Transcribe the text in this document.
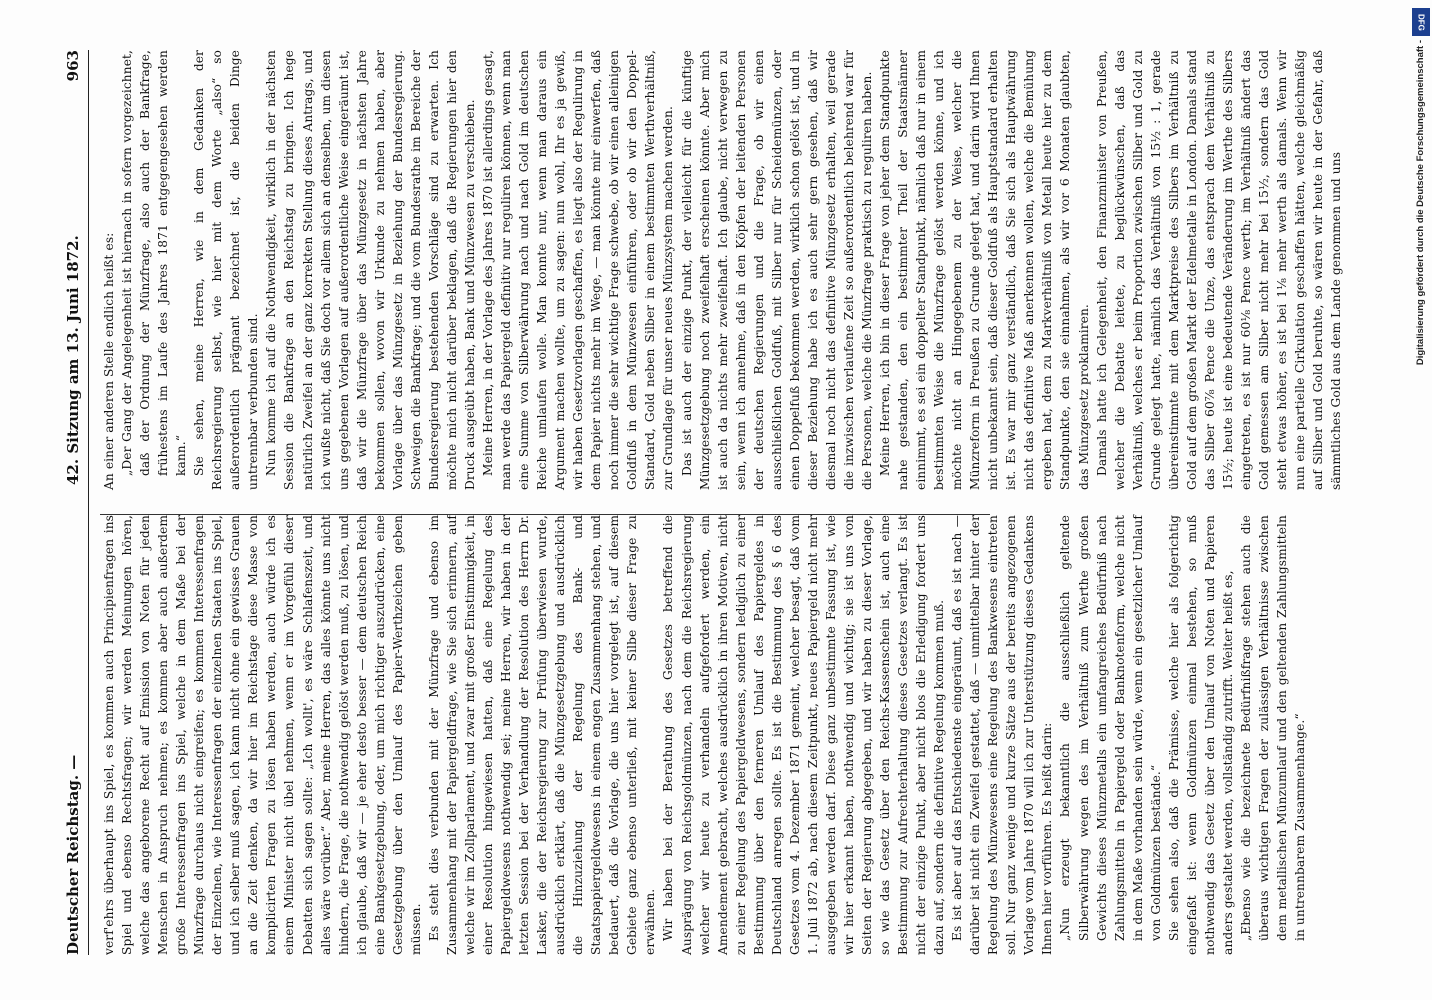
Deutscher Reichstag. —
42. Sitzung am 13. Juni 1872.
963

verf'ehrs überhaupt ins Spiel, es kommen auch Principienfragen ins Spiel und ebenso Rechtsfragen; wir werden Meinungen hören, welche das angeborene Recht auf Emission von Noten für jeden Menschen in Anspruch nehmen; es kommen aber auch außerdem große Interessenfragen ins Spiel, welche in dem Maße bei der Münzfrage durchaus nicht eingreifen; es kommen Interessenfragen der Einzelnen, wie Interessenfragen der einzelnen Staaten ins Spiel, und ich selber muß sagen, ich kann nicht ohne ein gewisses Grauen an die Zeit denken, da wir hier im Reichstage diese Masse von komplicirten Fragen zu lösen haben werden, auch würde ich es einem Minister nicht übel nehmen, wenn er im Vorgefühl dieser Debatten sich sagen sollte: „Ich wollt', es wäre Schlafenszeit, und alles wäre vorüber.“ Aber, meine Herren, das alles könnte uns nicht hindern, die Frage, die nothwendig gelöst werden muß, zu lösen, und ich glaube, daß wir — je eher desto besser — dem deutschen Reich eine Bankgesetzgebung, oder, um mich richtiger auszudrücken, eine Gesetzgebung über den Umlauf des Papier-Werthzeichen geben müssen. Es steht dies verbunden mit der Münzfrage und ebenso im Zusammenhang mit der Papiergeldfrage, wie Sie sich erinnern, auf welche wir im Zollparlament, und zwar mit großer Einstimmigkeit, in einer Resolution hingewiesen hatten, daß eine Regelung des Papiergeldwesens nothwendig sei; meine Herren, wir haben in der letzten Session bei der Verhandlung der Resolution des Herrn Dr. Lasker, die der Reichsregierung zur Prüfung überwiesen wurde, ausdrücklich erklärt, daß die Münzgesetzgebung und ausdrücklich die Hinzuziehung der Regelung des Bank- und Staatspapiergeldwesens in einem engen Zusammenhang stehen, und bedauert, daß die Vorlage, die uns hier vorgelegt ist, auf diesem Gebiete ganz ebenso unterließ, mit keiner Silbe dieser Frage zu erwähnen. Wir haben bei der Berathung des Gesetzes betreffend die Ausprägung von Reichsgoldmünzen, nach dem die Reichsregierung welcher wir heute zu verhandeln aufgefordert werden, ein Amendement gebracht, welches ausdrücklich in ihren Motiven, nicht zu einer Regelung des Papiergeldwesens, sondern lediglich zu einer Bestimmung über den ferneren Umlauf des Papiergeldes in Deutschland anregen sollte. Es ist die Bestimmung des § 6 des Gesetzes vom 4. Dezember 1871 gemeint, welcher besagt, daß vom 1. Juli 1872 ab, nach diesem Zeitpunkt, neues Papiergeld nicht mehr ausgegeben werden darf. Diese ganz unbestimmte Fassung ist, wie wir hier erkannt haben, nothwendig und wichtig; sie ist uns von Seiten der Regierung abgegeben, und wir haben zu dieser Vorlage, so wie das Gesetz über den Reichs-Kassenschein ist, auch eine Bestimmung zur Aufrechterhaltung dieses Gesetzes verlangt. Es ist nicht der einzige Punkt, aber nicht blos die Erledigung fordert uns dazu auf, sondern die definitive Regelung kommen muß. Es ist aber auf das Entschiedenste eingeräumt, daß es ist nach — darüber ist nicht ein Zweifel gestattet, daß — unmittelbar hinter der Regelung des Münzwesens eine Regelung des Bankwesens eintreten soll. Nur ganz wenige und kurze Sätze aus der bereits angezogenen Vorlage vom Jahre 1870 will ich zur Unterstützung dieses Gedankens Ihnen hier vorführen. Es heißt darin: „Nun erzeugt bekanntlich die ausschließlich geltende Silberwährung wegen des im Verhältniß zum Werthe großen Gewichts dieses Münzmetalls ein umfangreiches Bedürfniß nach Zahlungsmitteln in Papiergeld oder Banknotenform, welche nicht in dem Maße vorhanden sein würde, wenn ein gesetzlicher Umlauf von Goldmünzen bestände.“ Sie sehen also, daß die Prämisse, welche hier als folgerichtig eingefaßt ist: wenn Goldmünzen einmal bestehen, so muß nothwendig das Gesetz über den Umlauf von Noten und Papieren anders gestaltet werden, vollständig zutrifft. Weiter heißt es, „Ebenso wie die bezeichnete Bedürfnißfrage stehen auch die überaus wichtigen Fragen der zulässigen Verhältnisse zwischen dem metallischen Münzumlauf und den geltenden Zahlungsmitteln in untrennbarem Zusammenhange.“

An einer anderen Stelle endlich heißt es: „Der Gang der Angelegenheit ist hiernach in sofern vorgezeichnet, daß der Ordnung der Münzfrage, also auch der Bankfrage, frühestens im Laufe des Jahres 1871 entgegengesehen werden kann.“ Sie sehen, meine Herren, wie in dem Gedanken der Reichsregierung selbst, wie hier mit dem Worte „also“ so außerordentlich prägnant bezeichnet ist, die beiden Dinge untrennbar verbunden sind. Nun komme ich auf die Nothwendigkeit, wirklich in der nächsten Session die Bankfrage an den Reichstag zu bringen. Ich hege natürlich Zweifel an der ganz korrekten Stellung dieses Antrags, und ich wußte nicht, daß Sie doch vor allem sich an denselben, um diesen uns gegebenen Vorlagen auf außerordentliche Weise eingeräumt ist, daß wir die Münzfrage über das Münzgesetz in nächsten Jahre bekommen sollen, wovon wir Urkunde zu nehmen haben, aber Vorlage über das Münzgesetz in Beziehung der Bundesregierung. Schweigen die Bankfrage; und die vom Bundesrathe im Bereiche der Bundesregierung bestehenden Vorschläge sind zu erwarten. Ich möchte mich nicht darüber beklagen, daß die Regierungen hier den Druck ausgeübt haben, Bank und Münzwesen zu verschieben. Meine Herren, in der Vorlage des Jahres 1870 ist allerdings gesagt, man werde das Papiergeld definitiv nur reguliren können, wenn man eine Summe von Silberwährung nach und nach Gold im deutschen Reiche umlaufen wolle. Man konnte nur, wenn man daraus ein Argument machen wollte, um zu sagen: nun wohl, Ihr es ja gewiß, wir haben Gesetzvorlagen geschaffen, es liegt also der Regulirung in dem Papier nichts mehr im Wege, — man könnte mir einwerfen, daß noch immer die sehr wichtige Frage schwebe, ob wir einen alleinigen Goldfuß in dem Münzwesen einführen, oder ob wir den Doppel-Standard, Gold neben Silber in einem bestimmten Werthverhältniß, zur Grundlage für unser neues Münzsystem machen werden. Das ist auch der einzige Punkt, der vielleicht für die künftige Münzgesetzgebung noch zweifelhaft erscheinen könnte. Aber mich ist auch da nichts mehr zweifelhaft. Ich glaube, nicht verwegen zu sein, wenn ich annehme, daß in den Köpfen der leitenden Personen der deutschen Regierungen und die Frage, ob wir einen ausschließlichen Goldfuß, mit Silber nur für Scheidemünzen, oder einen Doppelfuß bekommen werden, wirklich schon gelöst ist, und in dieser Beziehung habe ich es auch sehr gern gesehen, daß wir diesmal noch nicht das definitive Münzgesetz erhalten, weil gerade die inzwischen verlaufene Zeit so außerordentlich belehrend war für die Personen, welche die Münzfrage praktisch zu reguliren haben. Meine Herren, ich bin in dieser Frage von jeher dem Standpunkte nahe gestanden, den ein bestimmter Theil der Staatsmänner einnimmt, es sei ein doppelter Standpunkt, nämlich daß nur in einem bestimmten Weise die Münzfrage gelöst werden könne, und ich möchte nicht an Hingegebenem zu der Weise, welcher die Münzreform in Preußen zu Grunde gelegt hat, und darin wird Ihnen nicht unbekannt sein, daß dieser Goldfuß als Hauptstandard erhalten ist. Es war mir ganz verständlich, daß Sie sich als Hauptwährung nicht das definitive Maß anerkennen wollen, welche die Bemühung ergeben hat, dem zu Markverhältniß von Metall heute hier zu dem Standpunkte, den sie einnahmen, als wir vor 6 Monaten glaubten, das Münzgesetz proklamiren. Damals hatte ich Gelegenheit, den Finanzminister von Preußen, welcher die Debatte leitete, zu beglückwünschen, daß das Verhältniß, welches er beim Proportion zwischen Silber und Gold zu Grunde gelegt hatte, nämlich das Verhältniß von 15½ : 1, gerade übereinstimmte mit dem Marktpreise des Silbers im Verhältniß zu Gold auf dem großen Markt der Edelmetalle in London. Damals stand das Silber 60⅞ Pence die Unze, das entsprach dem Verhältniß zu 15½; heute ist eine bedeutende Veränderung im Werthe des Silbers eingetreten, es ist nur 60⅛ Pence werth; im Verhältniß ändert das Gold gemessen am Silber nicht mehr bei 15½, sondern das Gold steht etwas höher, es ist bei 1⅛ mehr werth als damals. Wenn wir nun eine partielle Cirkulation geschaffen hätten, welche gleichmäßig auf Silber und Gold beruhte, so wären wir heute in der Gefahr, daß sämmtliches Gold aus dem Lande genommen und uns

DFG
Digitalisierung gefördert durch die Deutsche Forschungsgemeinschaft -
